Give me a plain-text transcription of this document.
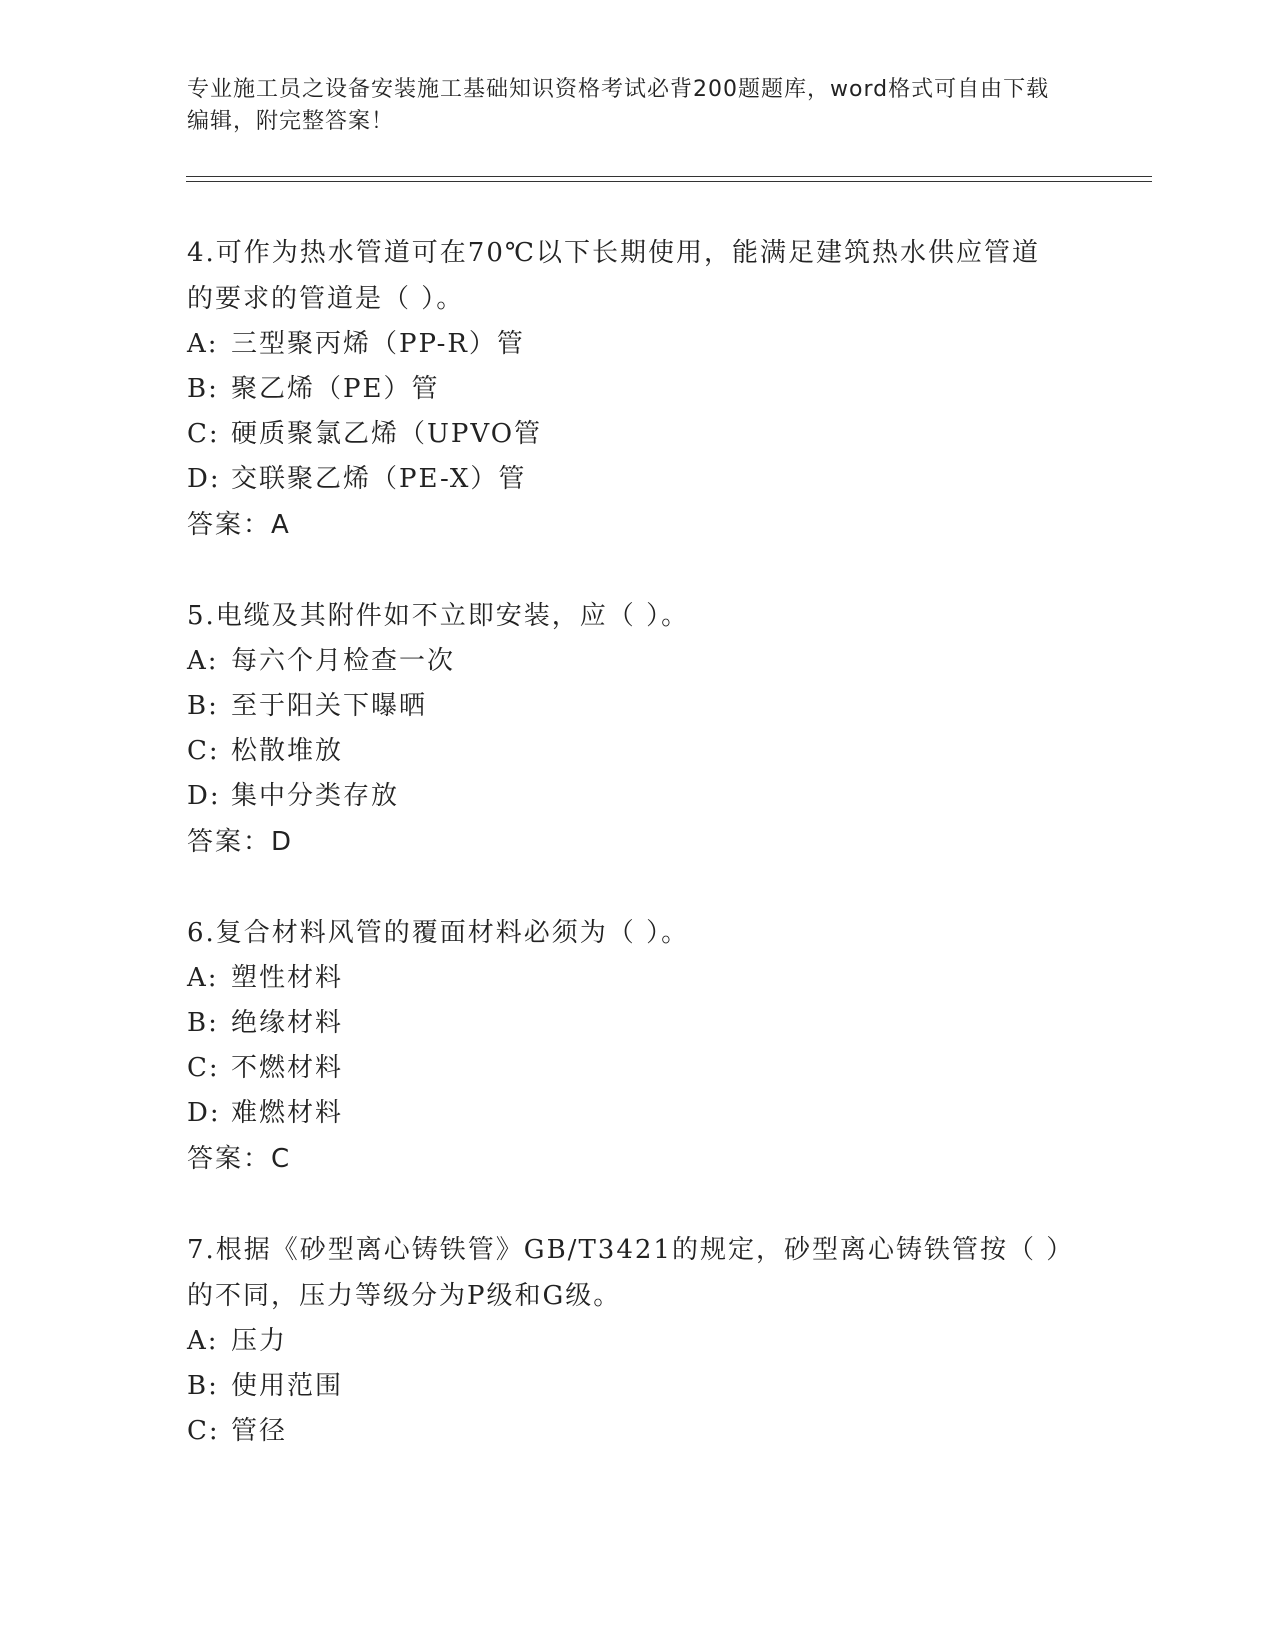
专业施工员之设备安装施工基础知识资格考试必背200题题库，word格式可自由下载编辑，附完整答案！
4.可作为热水管道可在70℃以下长期使用，能满足建筑热水供应管道的要求的管道是（ ）。
A: 三型聚丙烯（PP-R）管
B: 聚乙烯（PE）管
C: 硬质聚氯乙烯（UPVO管
D: 交联聚乙烯（PE-X）管
答案：A
5.电缆及其附件如不立即安装，应（ ）。
A: 每六个月检查一次
B: 至于阳关下曝晒
C: 松散堆放
D: 集中分类存放
答案：D
6.复合材料风管的覆面材料必须为（ ）。
A: 塑性材料
B: 绝缘材料
C: 不燃材料
D: 难燃材料
答案：C
7.根据《砂型离心铸铁管》GB/T3421的规定，砂型离心铸铁管按（ ）的不同，压力等级分为P级和G级。
A: 压力
B: 使用范围
C: 管径
